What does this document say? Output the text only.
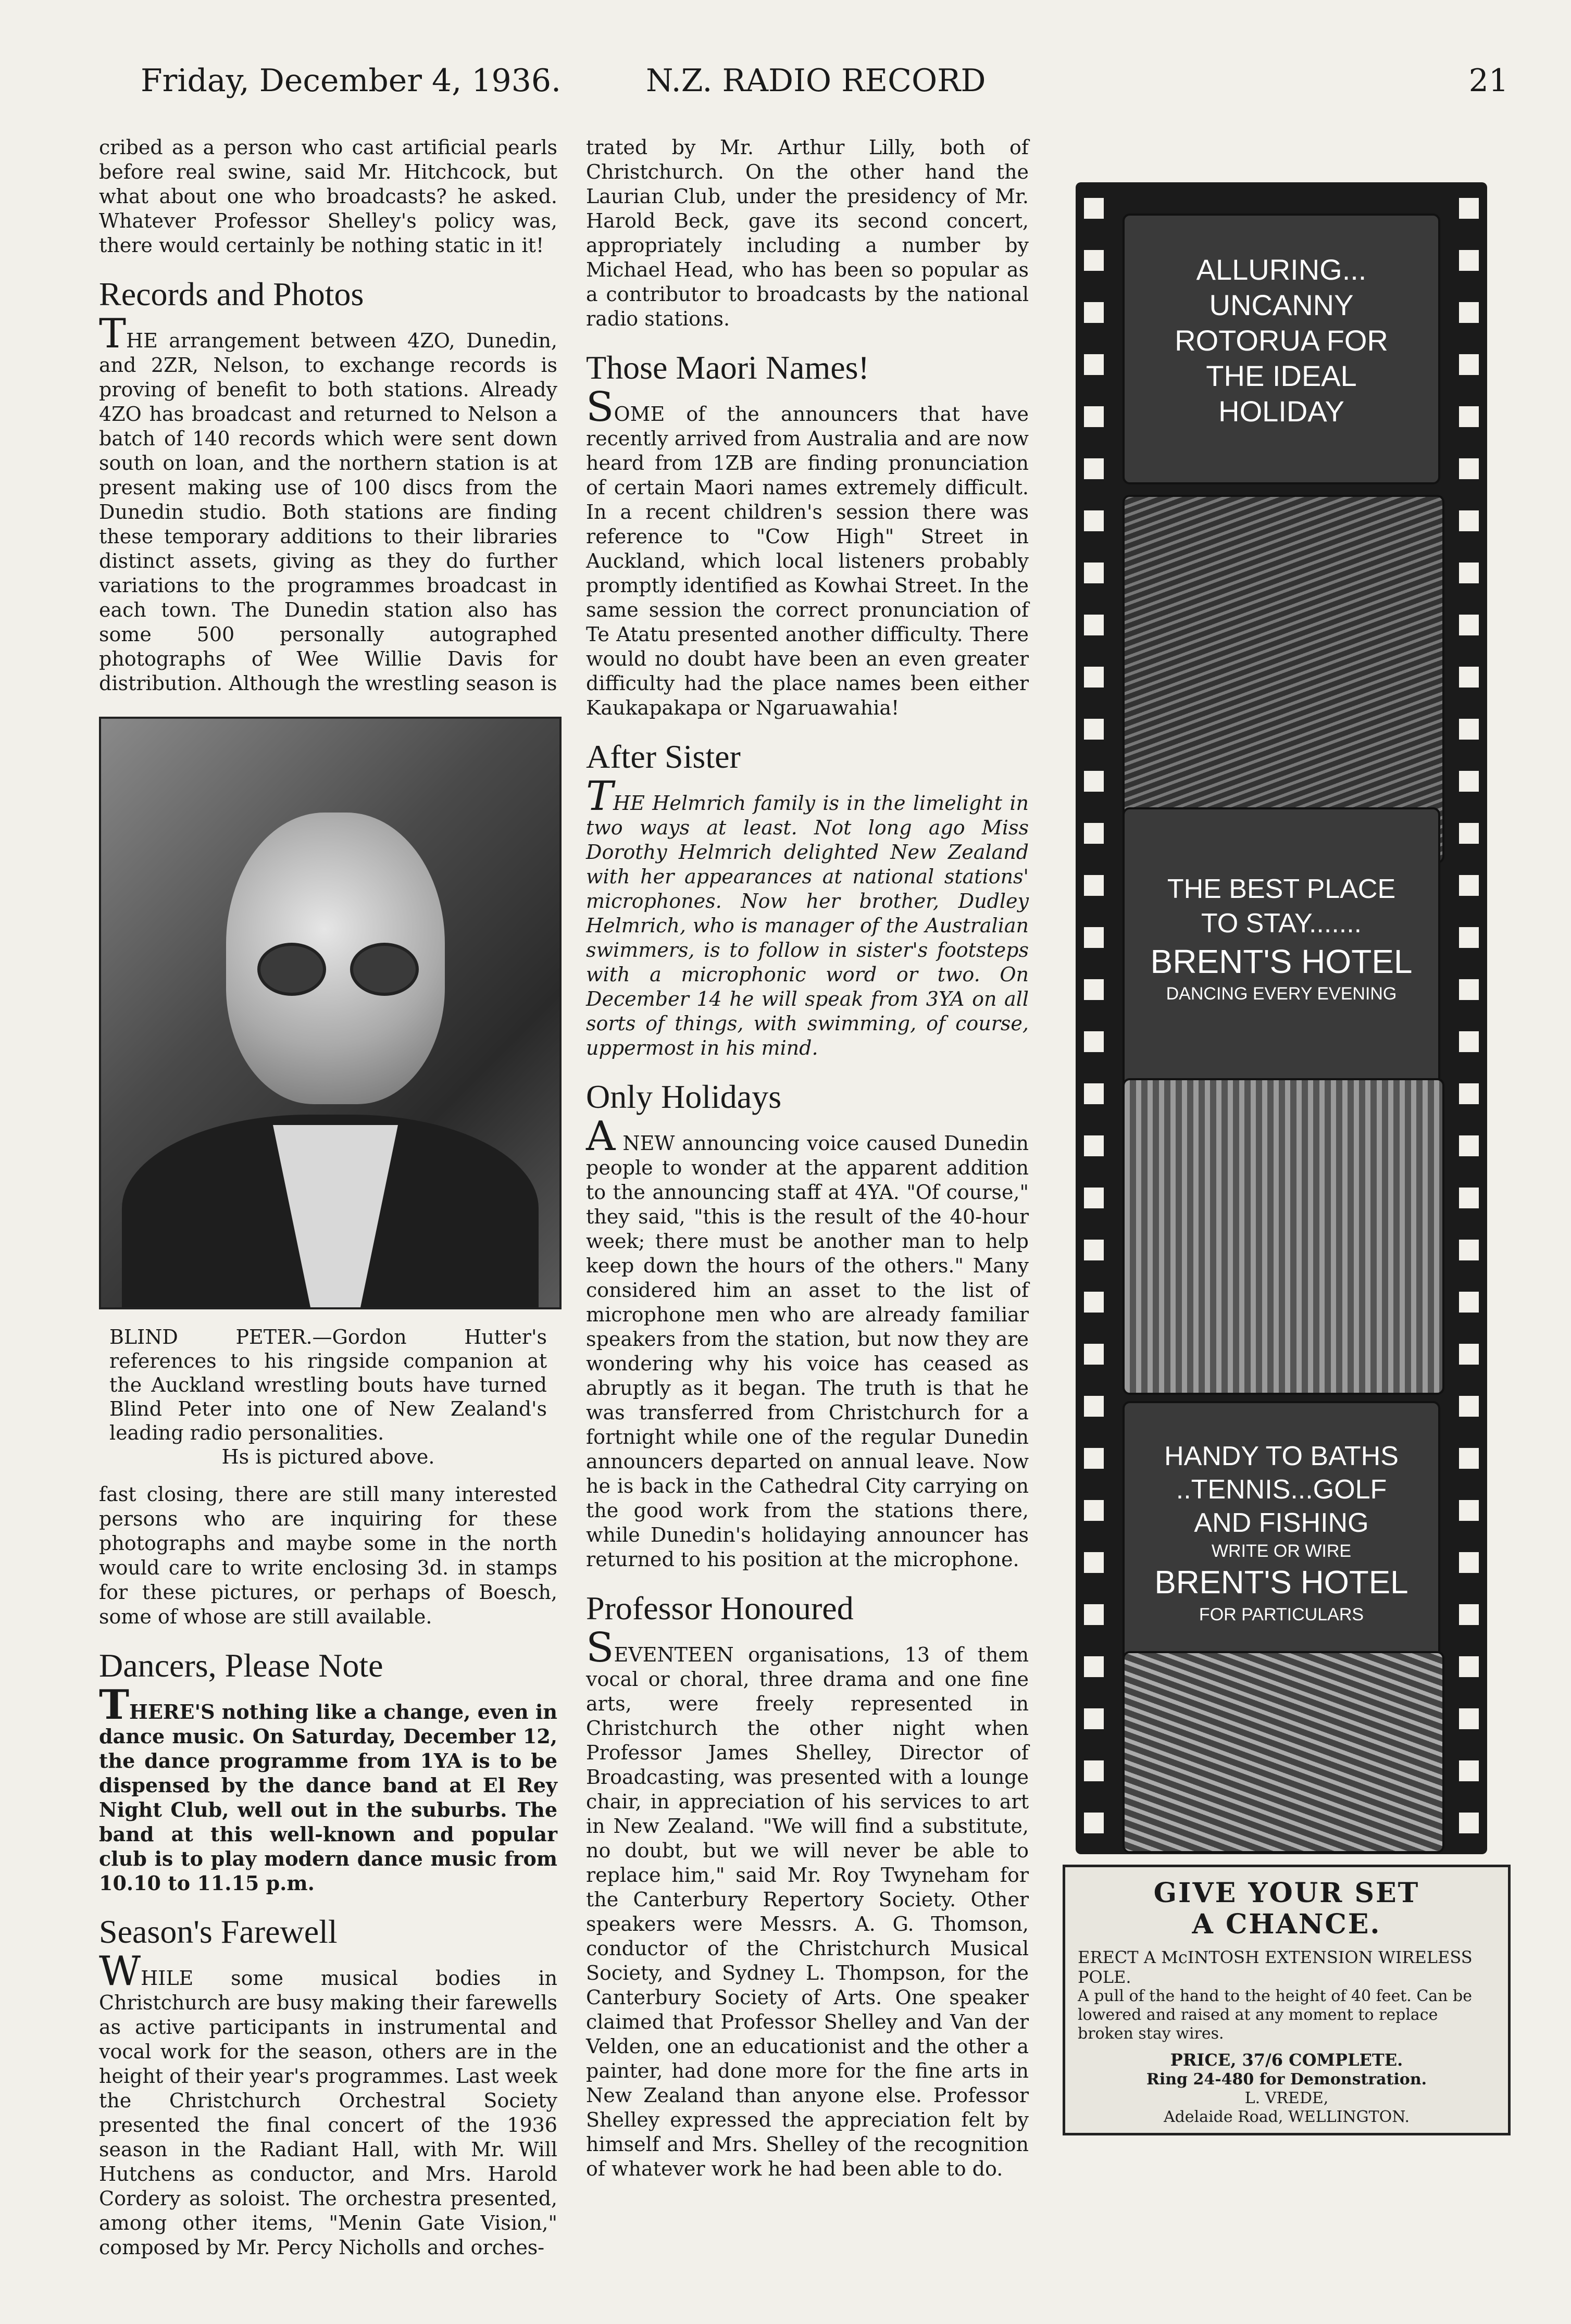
Friday, December 4, 1936.	N.Z. RADIO RECORD	21

cribed as a person who cast artificial pearls before real swine, said Mr. Hitchcock, but what about one who broadcasts? he asked. Whatever Professor Shelley's policy was, there would certainly be nothing static in it!

Records and Photos

THE arrangement between 4ZO, Dunedin, and 2ZR, Nelson, to exchange records is proving of benefit to both stations. Already 4ZO has broadcast and returned to Nelson a batch of 140 records which were sent down south on loan, and the northern station is at present making use of 100 discs from the Dunedin studio. Both stations are finding these temporary additions to their libraries distinct assets, giving as they do further variations to the programmes broadcast in each town. The Dunedin station also has some 500 personally autographed photographs of Wee Willie Davis for distribution. Although the wrestling season is

BLIND PETER.—Gordon Hutter's references to his ringside companion at the Auckland wrestling bouts have turned Blind Peter into one of New Zealand's leading radio personalities.

Hs is pictured above.

fast closing, there are still many interested persons who are inquiring for these photographs and maybe some in the north would care to write enclosing 3d. in stamps for these pictures, or perhaps of Boesch, some of whose are still available.

Dancers, Please Note

THERE'S nothing like a change, even in dance music. On Saturday, December 12, the dance programme from 1YA is to be dispensed by the dance band at El Rey Night Club, well out in the suburbs. The band at this well-known and popular club is to play modern dance music from 10.10 to 11.15 p.m.

Season's Farewell

WHILE some musical bodies in Christchurch are busy making their farewells as active participants in instrumental and vocal work for the season, others are in the height of their year's programmes. Last week the Christchurch Orchestral Society presented the final concert of the 1936 season in the Radiant Hall, with Mr. Will Hutchens as conductor, and Mrs. Harold Cordery as soloist. The orchestra presented, among other items, "Menin Gate Vision," composed by Mr. Percy Nicholls and orches-

trated by Mr. Arthur Lilly, both of Christchurch. On the other hand the Laurian Club, under the presidency of Mr. Harold Beck, gave its second concert, appropriately including a number by Michael Head, who has been so popular as a contributor to broadcasts by the national radio stations.

Those Maori Names!

SOME of the announcers that have recently arrived from Australia and are now heard from 1ZB are finding pronunciation of certain Maori names extremely difficult. In a recent children's session there was reference to "Cow High" Street in Auckland, which local listeners probably promptly identified as Kowhai Street. In the same session the correct pronunciation of Te Atatu presented another difficulty. There would no doubt have been an even greater difficulty had the place names been either Kaukapakapa or Ngaruawahia!

After Sister

THE Helmrich family is in the limelight in two ways at least. Not long ago Miss Dorothy Helmrich delighted New Zealand with her appearances at national stations' microphones. Now her brother, Dudley Helmrich, who is manager of the Australian swimmers, is to follow in sister's footsteps with a microphonic word or two. On December 14 he will speak from 3YA on all sorts of things, with swimming, of course, uppermost in his mind.

Only Holidays

A NEW announcing voice caused Dunedin people to wonder at the apparent addition to the announcing staff at 4YA. "Of course," they said, "this is the result of the 40-hour week; there must be another man to help keep down the hours of the others." Many considered him an asset to the list of microphone men who are already familiar speakers from the station, but now they are wondering why his voice has ceased as abruptly as it began. The truth is that he was transferred from Christchurch for a fortnight while one of the regular Dunedin announcers departed on annual leave. Now he is back in the Cathedral City carrying on the good work from the stations there, while Dunedin's holidaying announcer has returned to his position at the microphone.

Professor Honoured

SEVENTEEN organisations, 13 of them vocal or choral, three drama and one fine arts, were freely represented in Christchurch the other night when Professor James Shelley, Director of Broadcasting, was presented with a lounge chair, in appreciation of his services to art in New Zealand. "We will find a substitute, no doubt, but we will never be able to replace him," said Mr. Roy Twyneham for the Canterbury Repertory Society. Other speakers were Messrs. A. G. Thomson, conductor of the Christchurch Musical Society, and Sydney L. Thompson, for the Canterbury Society of Arts. One speaker claimed that Professor Shelley and Van der Velden, one an educationist and the other a painter, had done more for the fine arts in New Zealand than anyone else. Professor Shelley expressed the appreciation felt by himself and Mrs. Shelley of the recognition of whatever work he had been able to do.

ALLURING...
UNCANNY
ROTORUA FOR
THE IDEAL
HOLIDAY
THE BEST PLACE
TO STAY.......
BRENT'S HOTEL
DANCING EVERY EVENING
HANDY TO BATHS
..TENNIS...GOLF
AND FISHING
WRITE OR WIRE
BRENT'S HOTEL
FOR PARTICULARS
GIVE YOUR SET
A CHANCE.
ERECT A McINTOSH EXTENSION WIRELESS POLE.
A pull of the hand to the height of 40 feet. Can be lowered and raised at any moment to replace broken stay wires.
PRICE, 37/6 COMPLETE.
Ring 24-480 for Demonstration.
L. VREDE,
Adelaide Road, WELLINGTON.
